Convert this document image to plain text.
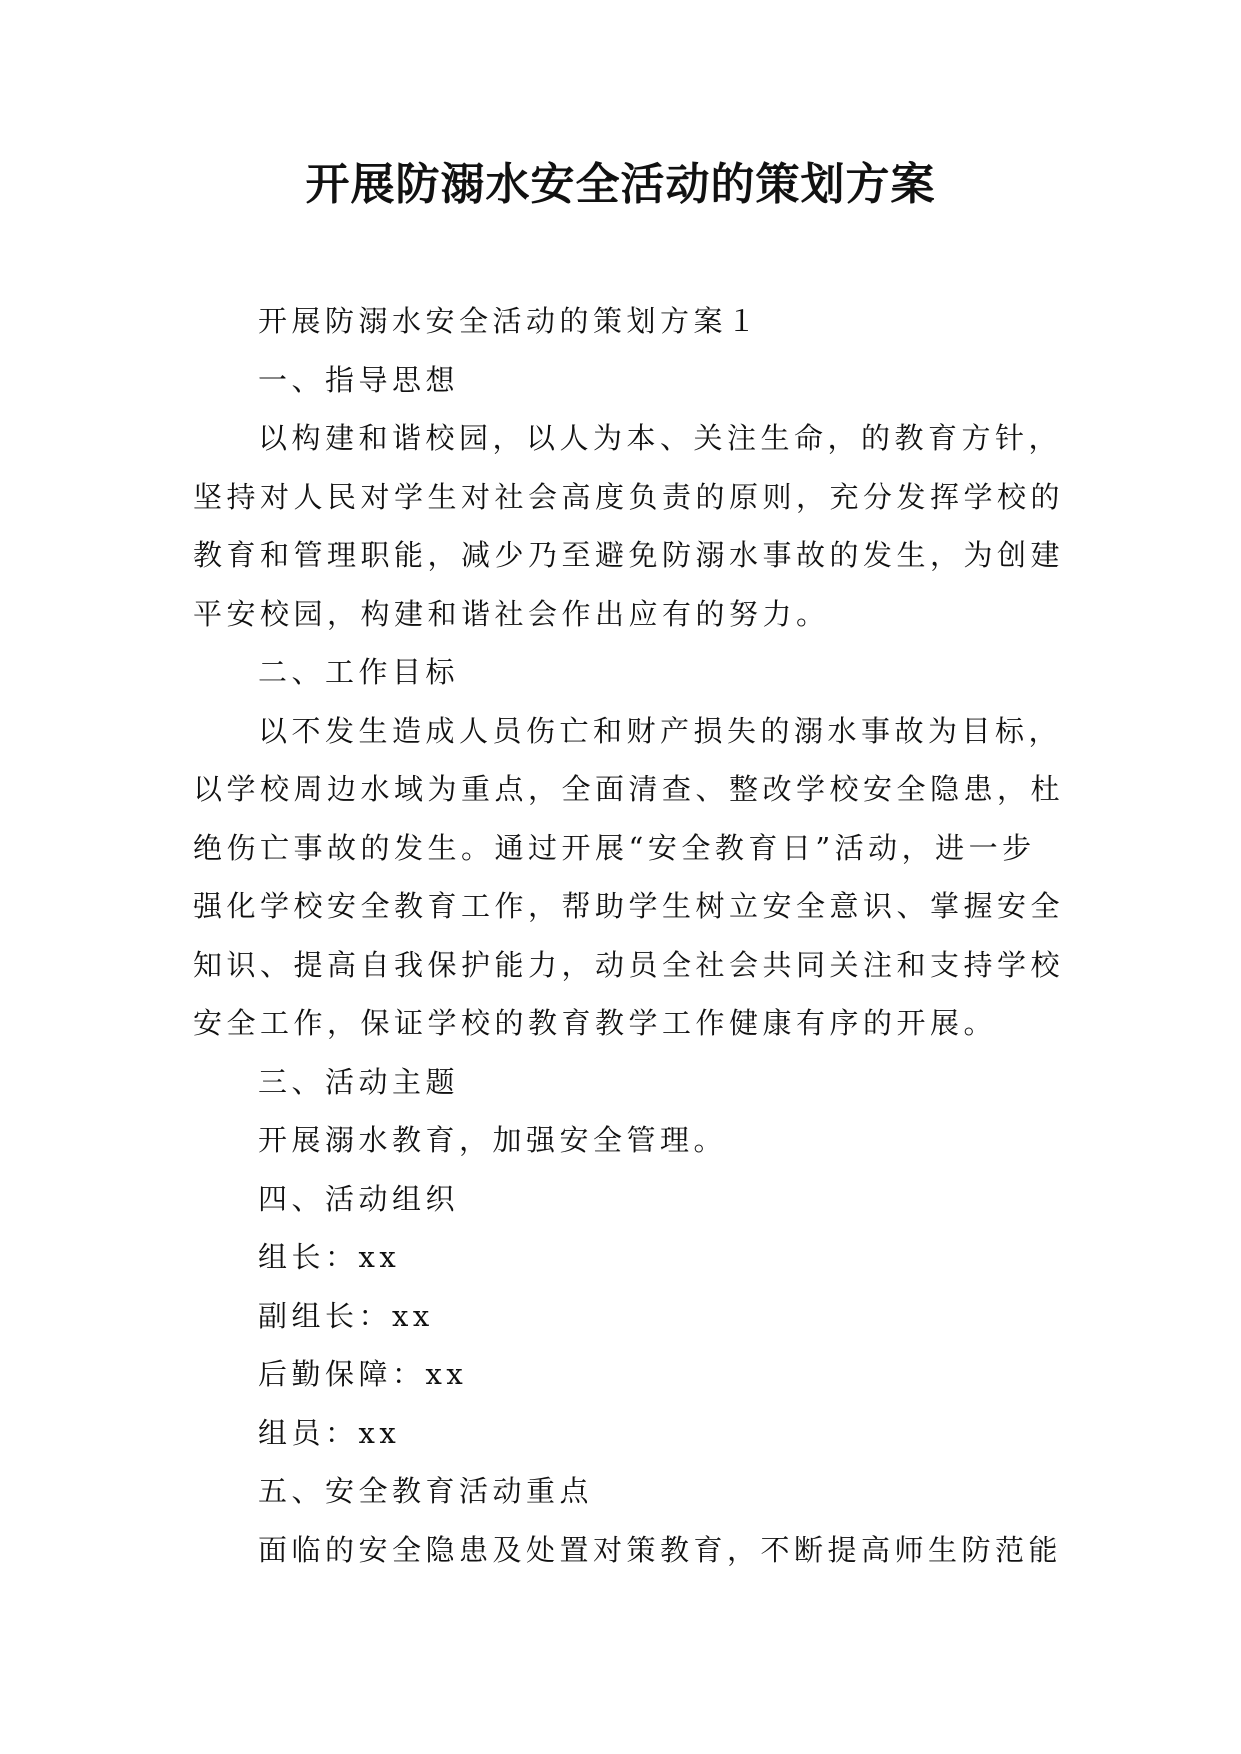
开展防溺水安全活动的策划方案

开展防溺水安全活动的策划方案１

一、指导思想

以构建和谐校园，以人为本、关注生命，的教育方针，

坚持对人民对学生对社会高度负责的原则，充分发挥学校的

教育和管理职能，减少乃至避免防溺水事故的发生，为创建

平安校园，构建和谐社会作出应有的努力。

二、工作目标

以不发生造成人员伤亡和财产损失的溺水事故为目标，

以学校周边水域为重点，全面清查、整改学校安全隐患，杜

绝伤亡事故的发生。通过开展“安全教育日”活动，进一步

强化学校安全教育工作，帮助学生树立安全意识、掌握安全

知识、提高自我保护能力，动员全社会共同关注和支持学校

安全工作，保证学校的教育教学工作健康有序的开展。

三、活动主题

开展溺水教育，加强安全管理。

四、活动组织

组长：xx

副组长：xx

后勤保障：xx

组员：xx

五、安全教育活动重点

面临的安全隐患及处置对策教育，不断提高师生防范能
